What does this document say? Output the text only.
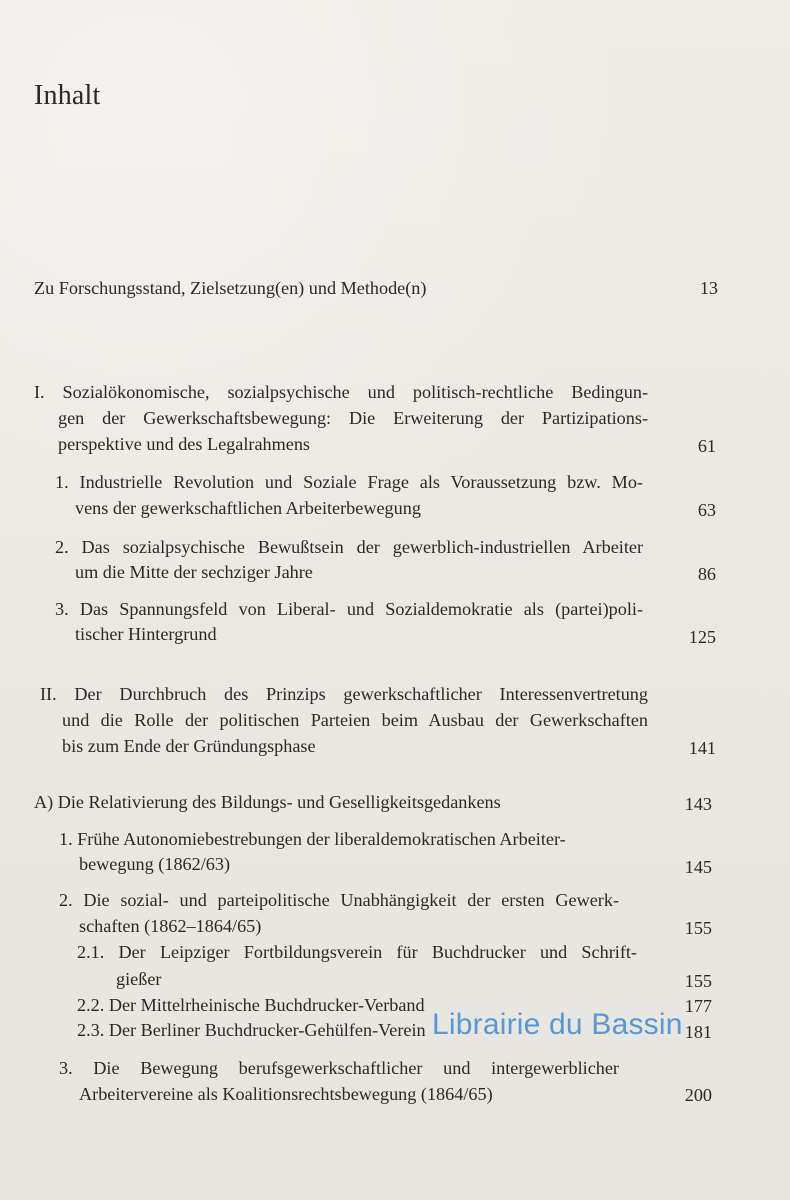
Inhalt
Zu Forschungsstand, Zielsetzung(en) und Methode(n)	13
I. Sozialökonomische, sozialpsychische und politisch-rechtliche Bedingun-
gen der Gewerkschaftsbewegung: Die Erweiterung der Partizipations-
perspektive und des Legalrahmens	61
1. Industrielle Revolution und Soziale Frage als Voraussetzung bzw. Mo-
vens der gewerkschaftlichen Arbeiterbewegung	63
2. Das sozialpsychische Bewußtsein der gewerblich-industriellen Arbeiter
um die Mitte der sechziger Jahre	86
3. Das Spannungsfeld von Liberal- und Sozialdemokratie als (partei)poli-
tischer Hintergrund	125
II. Der Durchbruch des Prinzips gewerkschaftlicher Interessenvertretung
und die Rolle der politischen Parteien beim Ausbau der Gewerkschaften
bis zum Ende der Gründungsphase	141
A) Die Relativierung des Bildungs- und Geselligkeitsgedankens	143
1. Frühe Autonomiebestrebungen der liberaldemokratischen Arbeiter-
bewegung (1862/63)	145
2. Die sozial- und parteipolitische Unabhängigkeit der ersten Gewerk-
schaften (1862–1864/65)	155
2.1. Der Leipziger Fortbildungsverein für Buchdrucker und Schrift-
gießer	155
2.2. Der Mittelrheinische Buchdrucker-Verband	177
2.3. Der Berliner Buchdrucker-Gehülfen-Verein	181
3. Die Bewegung berufsgewerkschaftlicher und intergewerblicher
Arbeitervereine als Koalitionsrechtsbewegung (1864/65)	200
Librairie du Bassin
